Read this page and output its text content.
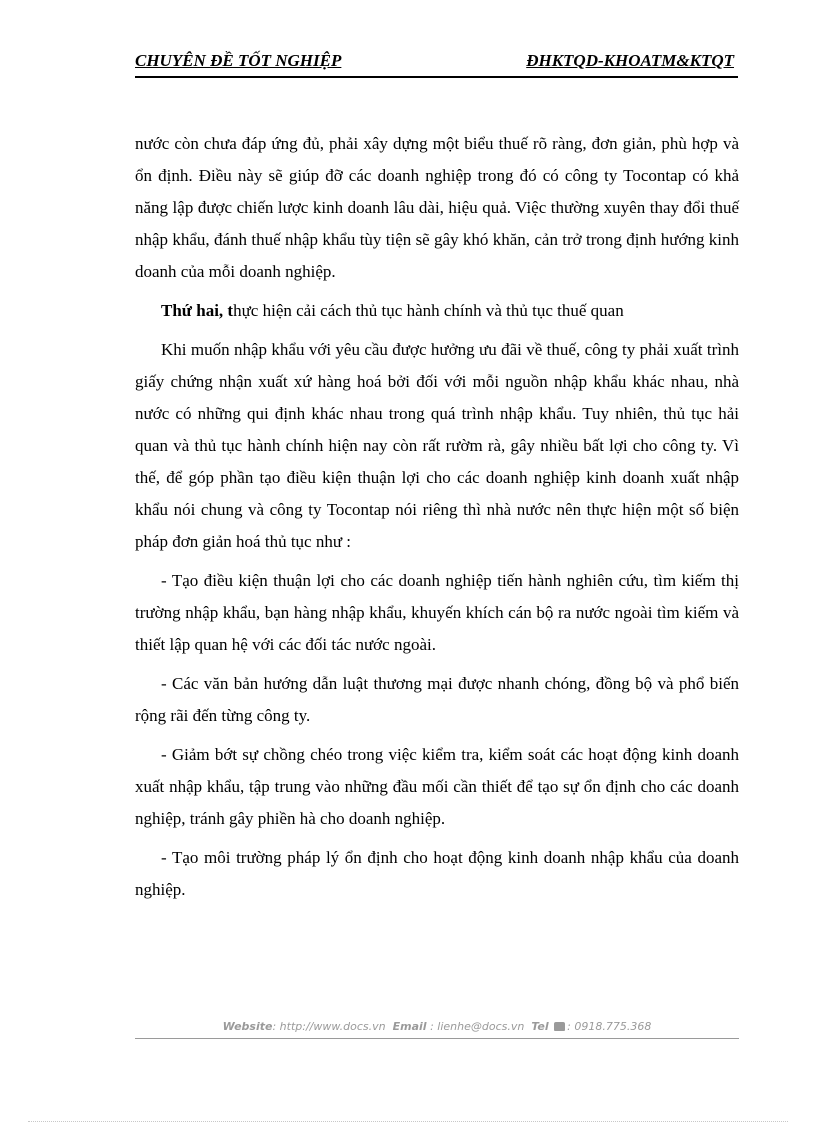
CHUYÊN ĐỀ TỐT NGHIỆP	ĐHKTQD-KHOATM&KTQT

nước còn chưa đáp ứng đủ, phải xây dựng một biểu thuế rõ ràng, đơn giản, phù hợp và ổn định. Điều này sẽ giúp đỡ các doanh nghiệp trong đó có công ty Tocontap có khả năng lập được chiến lược kinh doanh lâu dài, hiệu quả. Việc thường xuyên thay đổi thuế nhập khẩu, đánh thuế nhập khẩu tùy tiện sẽ gây khó khăn, cản trở trong định hướng kinh doanh của mỗi doanh nghiệp.

Thứ hai, thực hiện cải cách thủ tục hành chính và thủ tục thuế quan

Khi muốn nhập khẩu với yêu cầu được hưởng ưu đãi về thuế, công ty phải xuất trình giấy chứng nhận xuất xứ hàng hoá bởi đối với mỗi nguồn nhập khẩu khác nhau, nhà nước có những qui định khác nhau trong quá trình nhập khẩu. Tuy nhiên, thủ tục hải quan và thủ tục hành chính hiện nay còn rất rườm rà, gây nhiều bất lợi cho công ty. Vì thế, để góp phần tạo điều kiện thuận lợi cho các doanh nghiệp kinh doanh xuất nhập khẩu nói chung và công ty Tocontap nói riêng thì nhà nước nên thực hiện một số biện pháp đơn giản hoá thủ tục như :

- Tạo điều kiện thuận lợi cho các doanh nghiệp tiến hành nghiên cứu, tìm kiếm thị trường nhập khẩu, bạn hàng nhập khẩu, khuyến khích cán bộ ra nước ngoài tìm kiếm và thiết lập quan hệ với các đối tác nước ngoài.

- Các văn bản hướng dẫn luật thương mại được nhanh chóng, đồng bộ và phổ biến rộng rãi đến từng công ty.

- Giảm bớt sự chồng chéo trong việc kiểm tra, kiểm soát các hoạt động kinh doanh xuất nhập khẩu, tập trung vào những đầu mối cần thiết để tạo sự ổn định cho các doanh nghiệp, tránh gây phiền hà cho doanh nghiệp.

- Tạo môi trường pháp lý ổn định cho hoạt động kinh doanh nhập khẩu của doanh nghiệp.

Website: http://www.docs.vn Email : lienhe@docs.vn Tel : 0918.775.368
